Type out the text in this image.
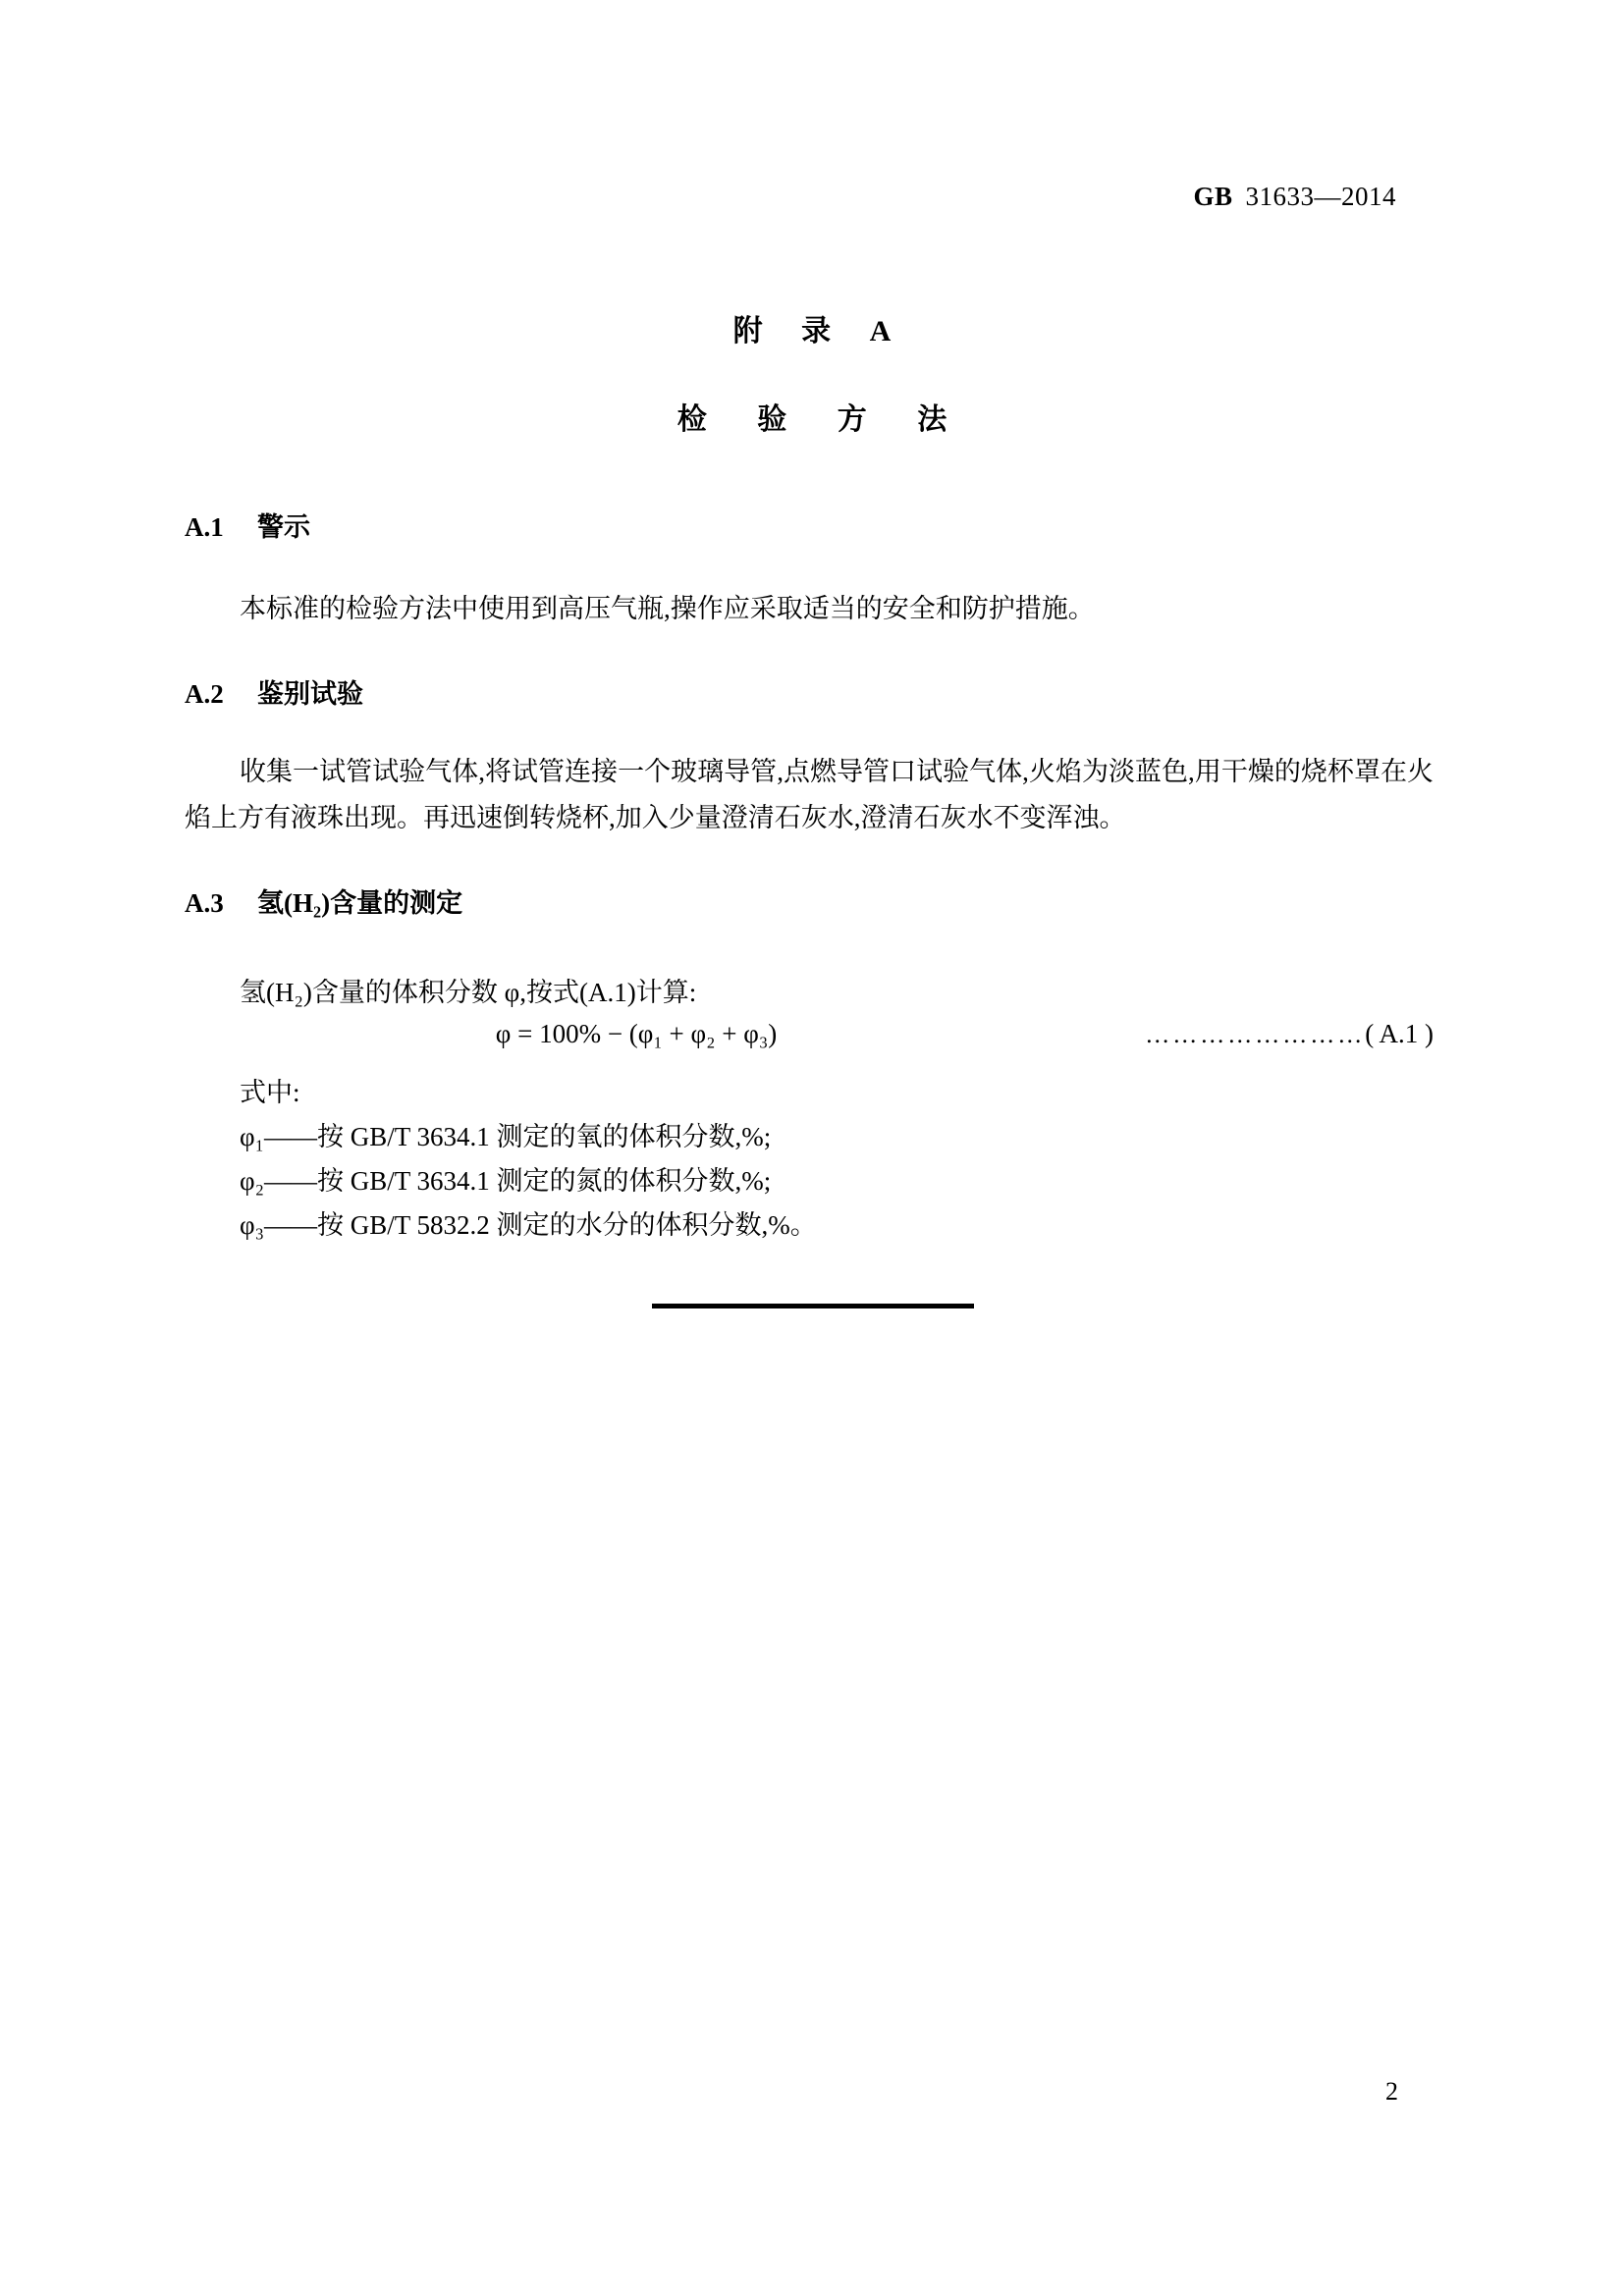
GB 31633—2014
附 录 A
检 验 方 法
A.1 警示
本标准的检验方法中使用到高压气瓶,操作应采取适当的安全和防护措施。
A.2 鉴别试验
收集一试管试验气体,将试管连接一个玻璃导管,点燃导管口试验气体,火焰为淡蓝色,用干燥的烧杯罩在火焰上方有液珠出现。再迅速倒转烧杯,加入少量澄清石灰水,澄清石灰水不变浑浊。
A.3 氢(H₂)含量的测定
氢(H₂)含量的体积分数 φ,按式(A.1)计算:
φ = 100% − (φ₁ + φ₂ + φ₃)	……………………( A.1 )
式中:
φ₁——按 GB/T 3634.1 测定的氧的体积分数,%;
φ₂——按 GB/T 3634.1 测定的氮的体积分数,%;
φ₃——按 GB/T 5832.2 测定的水分的体积分数,%。
2
